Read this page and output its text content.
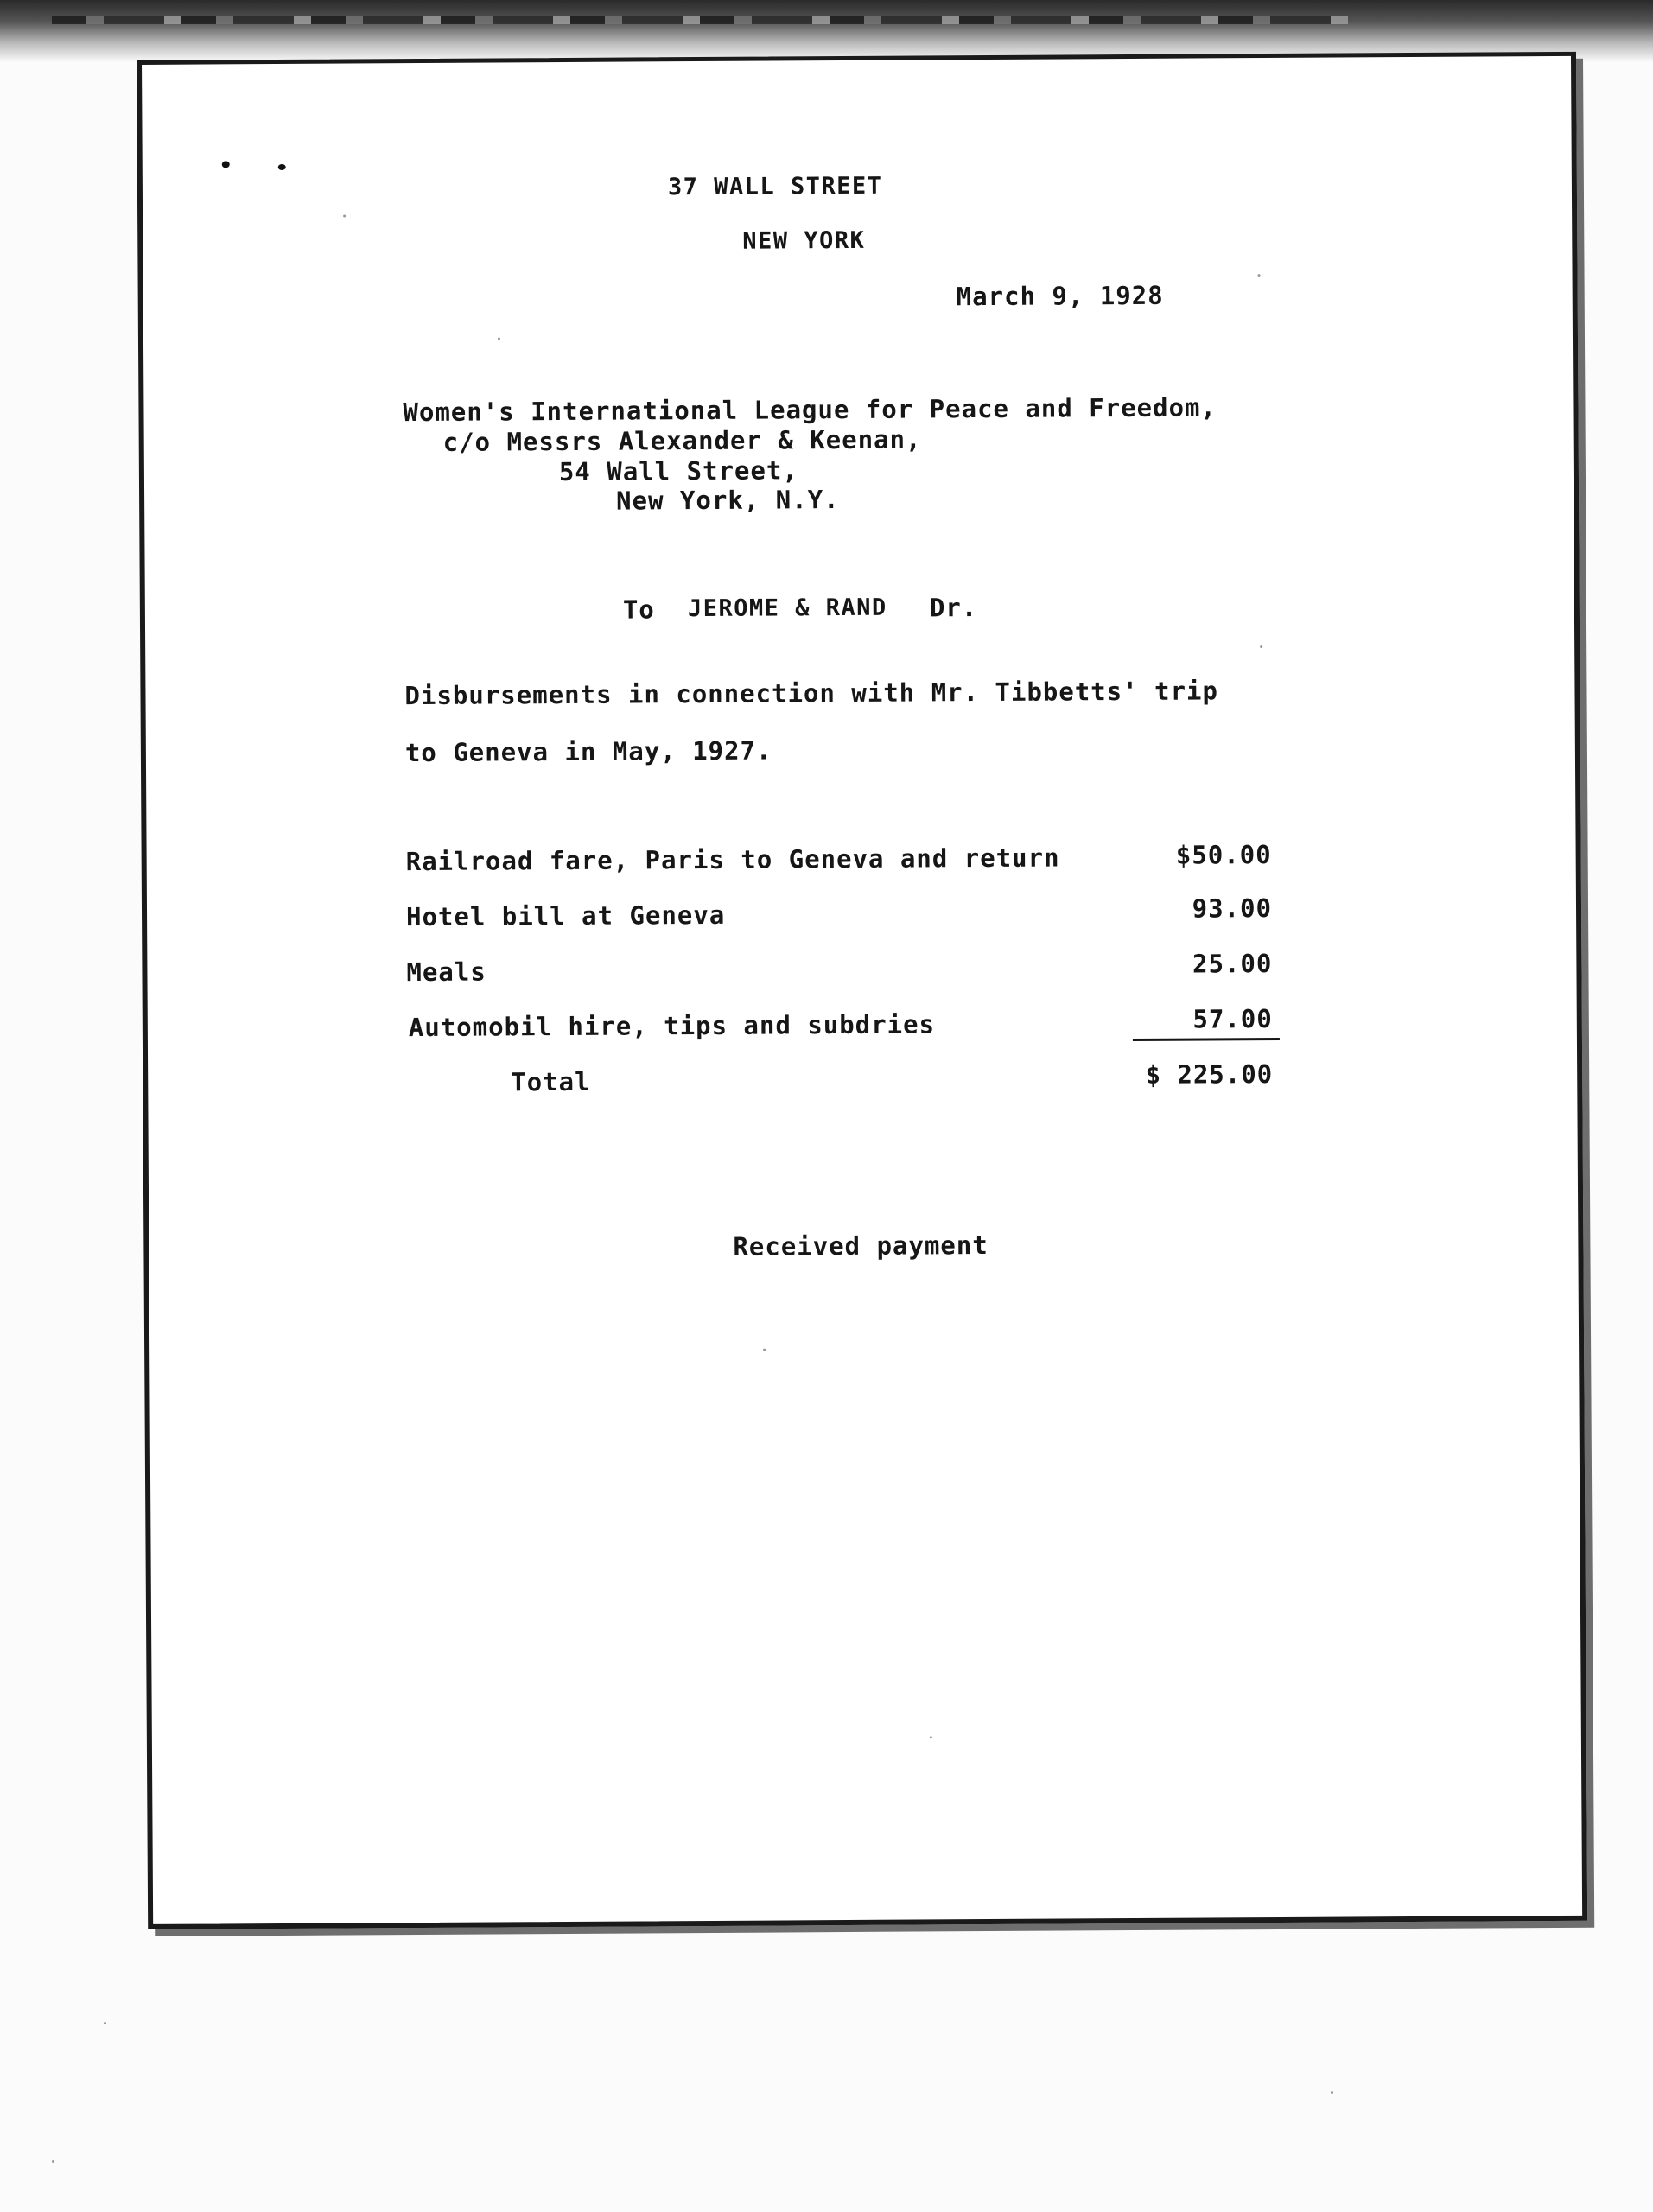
37 WALL STREET
NEW YORK
March 9, 1928
Women's International League for Peace and Freedom,
c/o Messrs Alexander & Keenan,
54 Wall Street,
New York, N.Y.
To JEROME & RAND Dr.
Disbursements in connection with Mr. Tibbetts' trip
to Geneva in May, 1927.
Railroad fare, Paris to Geneva and return	$50.00
Hotel bill at Geneva	93.00
Meals	25.00
Automobil hire, tips and subdries	57.00
Total	$ 225.00
Received payment
